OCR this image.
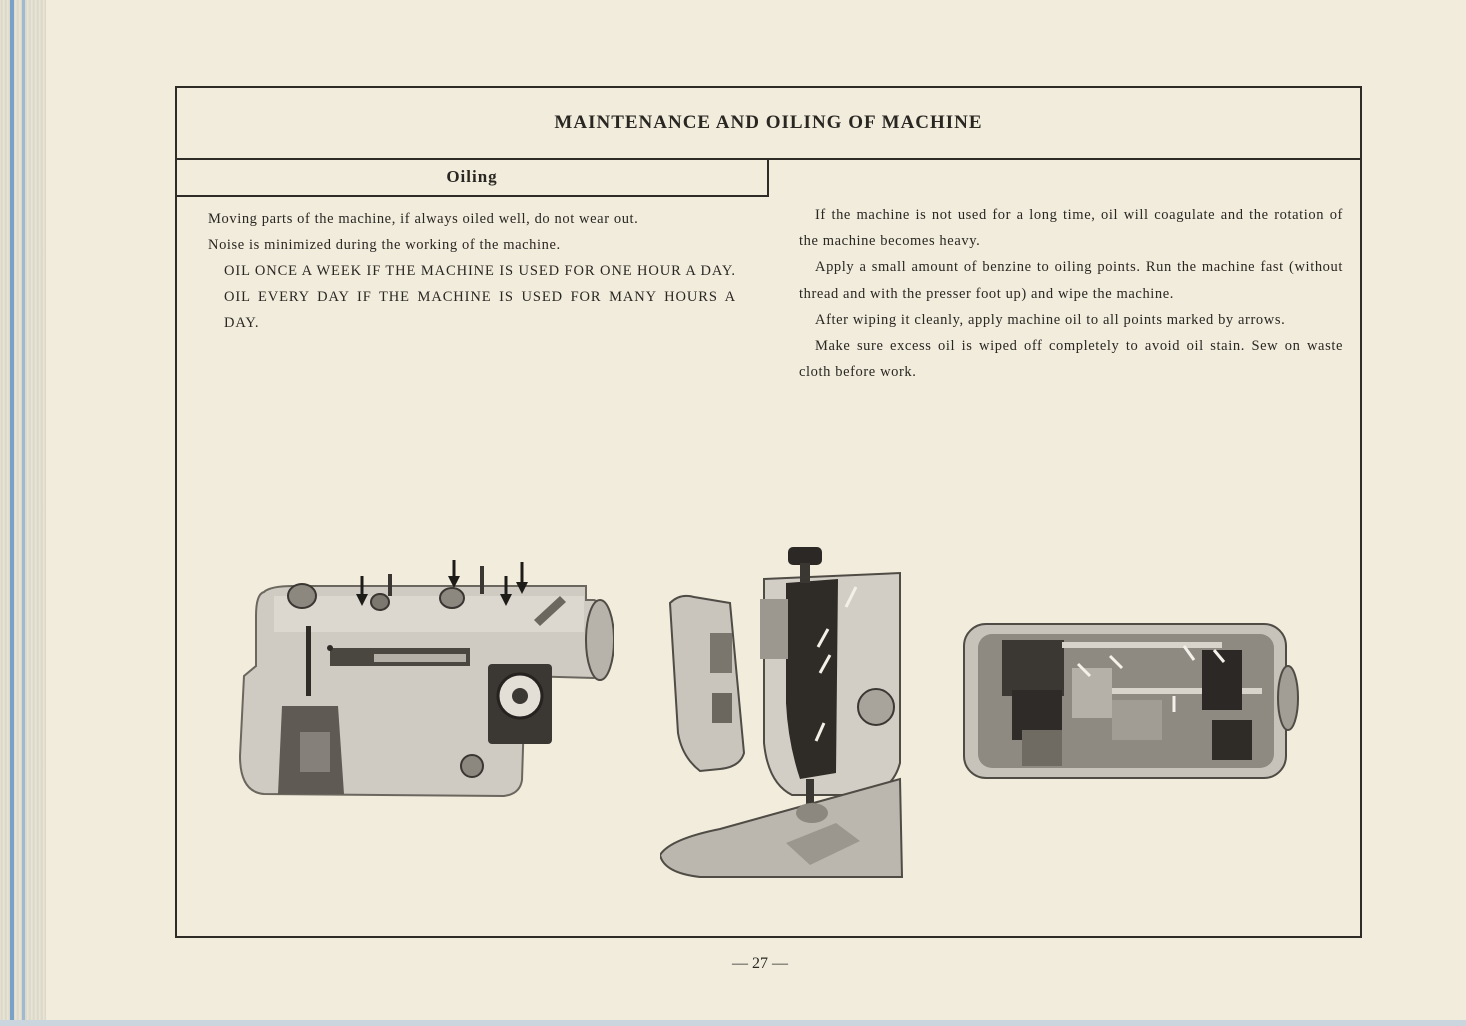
MAINTENANCE AND OILING OF MACHINE
Oiling

Moving parts of the machine, if always oiled well, do not wear out.

Noise is minimized during the working of the machine.

OIL ONCE A WEEK IF THE MACHINE IS USED FOR ONE HOUR A DAY.

OIL EVERY DAY IF THE MACHINE IS USED FOR MANY HOURS A DAY.

If the machine is not used for a long time, oil will coagulate and the rotation of the machine becomes heavy.

Apply a small amount of benzine to oiling points. Run the machine fast (without thread and with the presser foot up) and wipe the machine.

After wiping it cleanly, apply machine oil to all points marked by arrows.

Make sure excess oil is wiped off completely to avoid oil stain. Sew on waste cloth before work.

— 27 —
